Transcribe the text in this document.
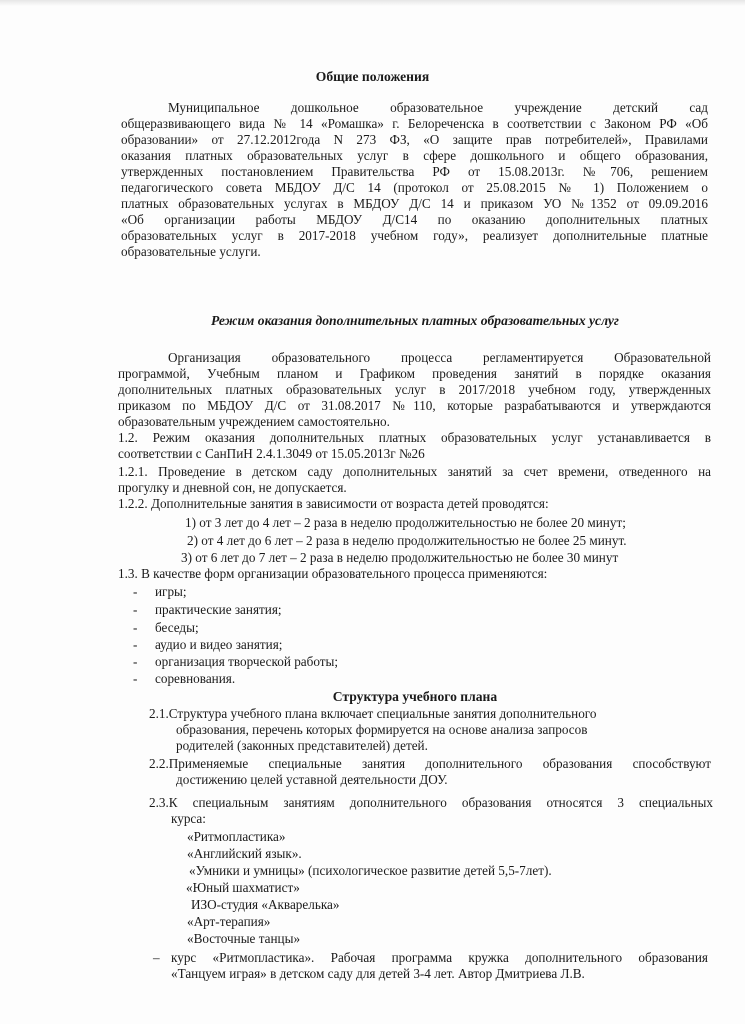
Общие положения
Муниципальное дошкольное образовательное учреждение детский сад
общеразвивающего вида № 14 «Ромашка» г. Белореченска в соответствии с Законом РФ «Об
образовании» от 27.12.2012года N 273 ФЗ, «О защите прав потребителей», Правилами
оказания платных образовательных услуг в сфере дошкольного и общего образования,
утвержденных постановлением Правительства РФ от 15.08.2013г. №706, решением
педагогического совета МБДОУ Д/С 14 (протокол от 25.08.2015 № 1) Положением о
платных образовательных услугах в МБДОУ Д/С 14 и приказом УО №1352 от 09.09.2016
«Об организации работы МБДОУ Д/С14 по оказанию дополнительных платных
образовательных услуг в 2017-2018 учебном году», реализует дополнительные платные
образовательные услуги.
Режим оказания дополнительных платных образовательных услуг
Организация образовательного процесса регламентируется Образовательной
программой, Учебным планом и Графиком проведения занятий в порядке оказания
дополнительных платных образовательных услуг в 2017/2018 учебном году, утвержденных
приказом по МБДОУ Д/С от 31.08.2017 №110, которые разрабатываются и утверждаются
образовательным учреждением самостоятельно.
1.2. Режим оказания дополнительных платных образовательных услуг устанавливается в
соответствии с СанПиН 2.4.1.3049 от 15.05.2013г №26
1.2.1. Проведение в детском саду дополнительных занятий за счет времени, отведенного на
прогулку и дневной сон, не допускается.
1.2.2. Дополнительные занятия в зависимости от возраста детей проводятся:
1) от 3 лет до 4 лет – 2 раза в неделю продолжительностью не более 20 минут;
2) от 4 лет до 6 лет – 2 раза в неделю продолжительностью не более 25 минут.
3) от 6 лет до 7 лет – 2 раза в неделю продолжительностью не более 30 минут
1.3. В качестве форм организации образовательного процесса применяются:
- игры;
- практические занятия;
- беседы;
- аудио и видео занятия;
- организация творческой работы;
- соревнования.
Структура учебного плана
2.1.Структура учебного плана включает специальные занятия дополнительного
образования, перечень которых формируется на основе анализа запросов
родителей (законных представителей) детей.
2.2.Применяемые специальные занятия дополнительного образования способствуют
достижению целей уставной деятельности ДОУ.
2.3.К специальным занятиям дополнительного образования относятся 3 специальных
курса:
«Ритмопластика»
«Английский язык».
«Умники и умницы» (психологическое развитие детей 5,5-7лет).
«Юный шахматист»
ИЗО-студия «Акварелька»
«Арт-терапия»
«Восточные танцы»
– курс «Ритмопластика». Рабочая программа кружка дополнительного образования
«Танцуем играя» в детском саду для детей 3-4 лет. Автор Дмитриева Л.В.
